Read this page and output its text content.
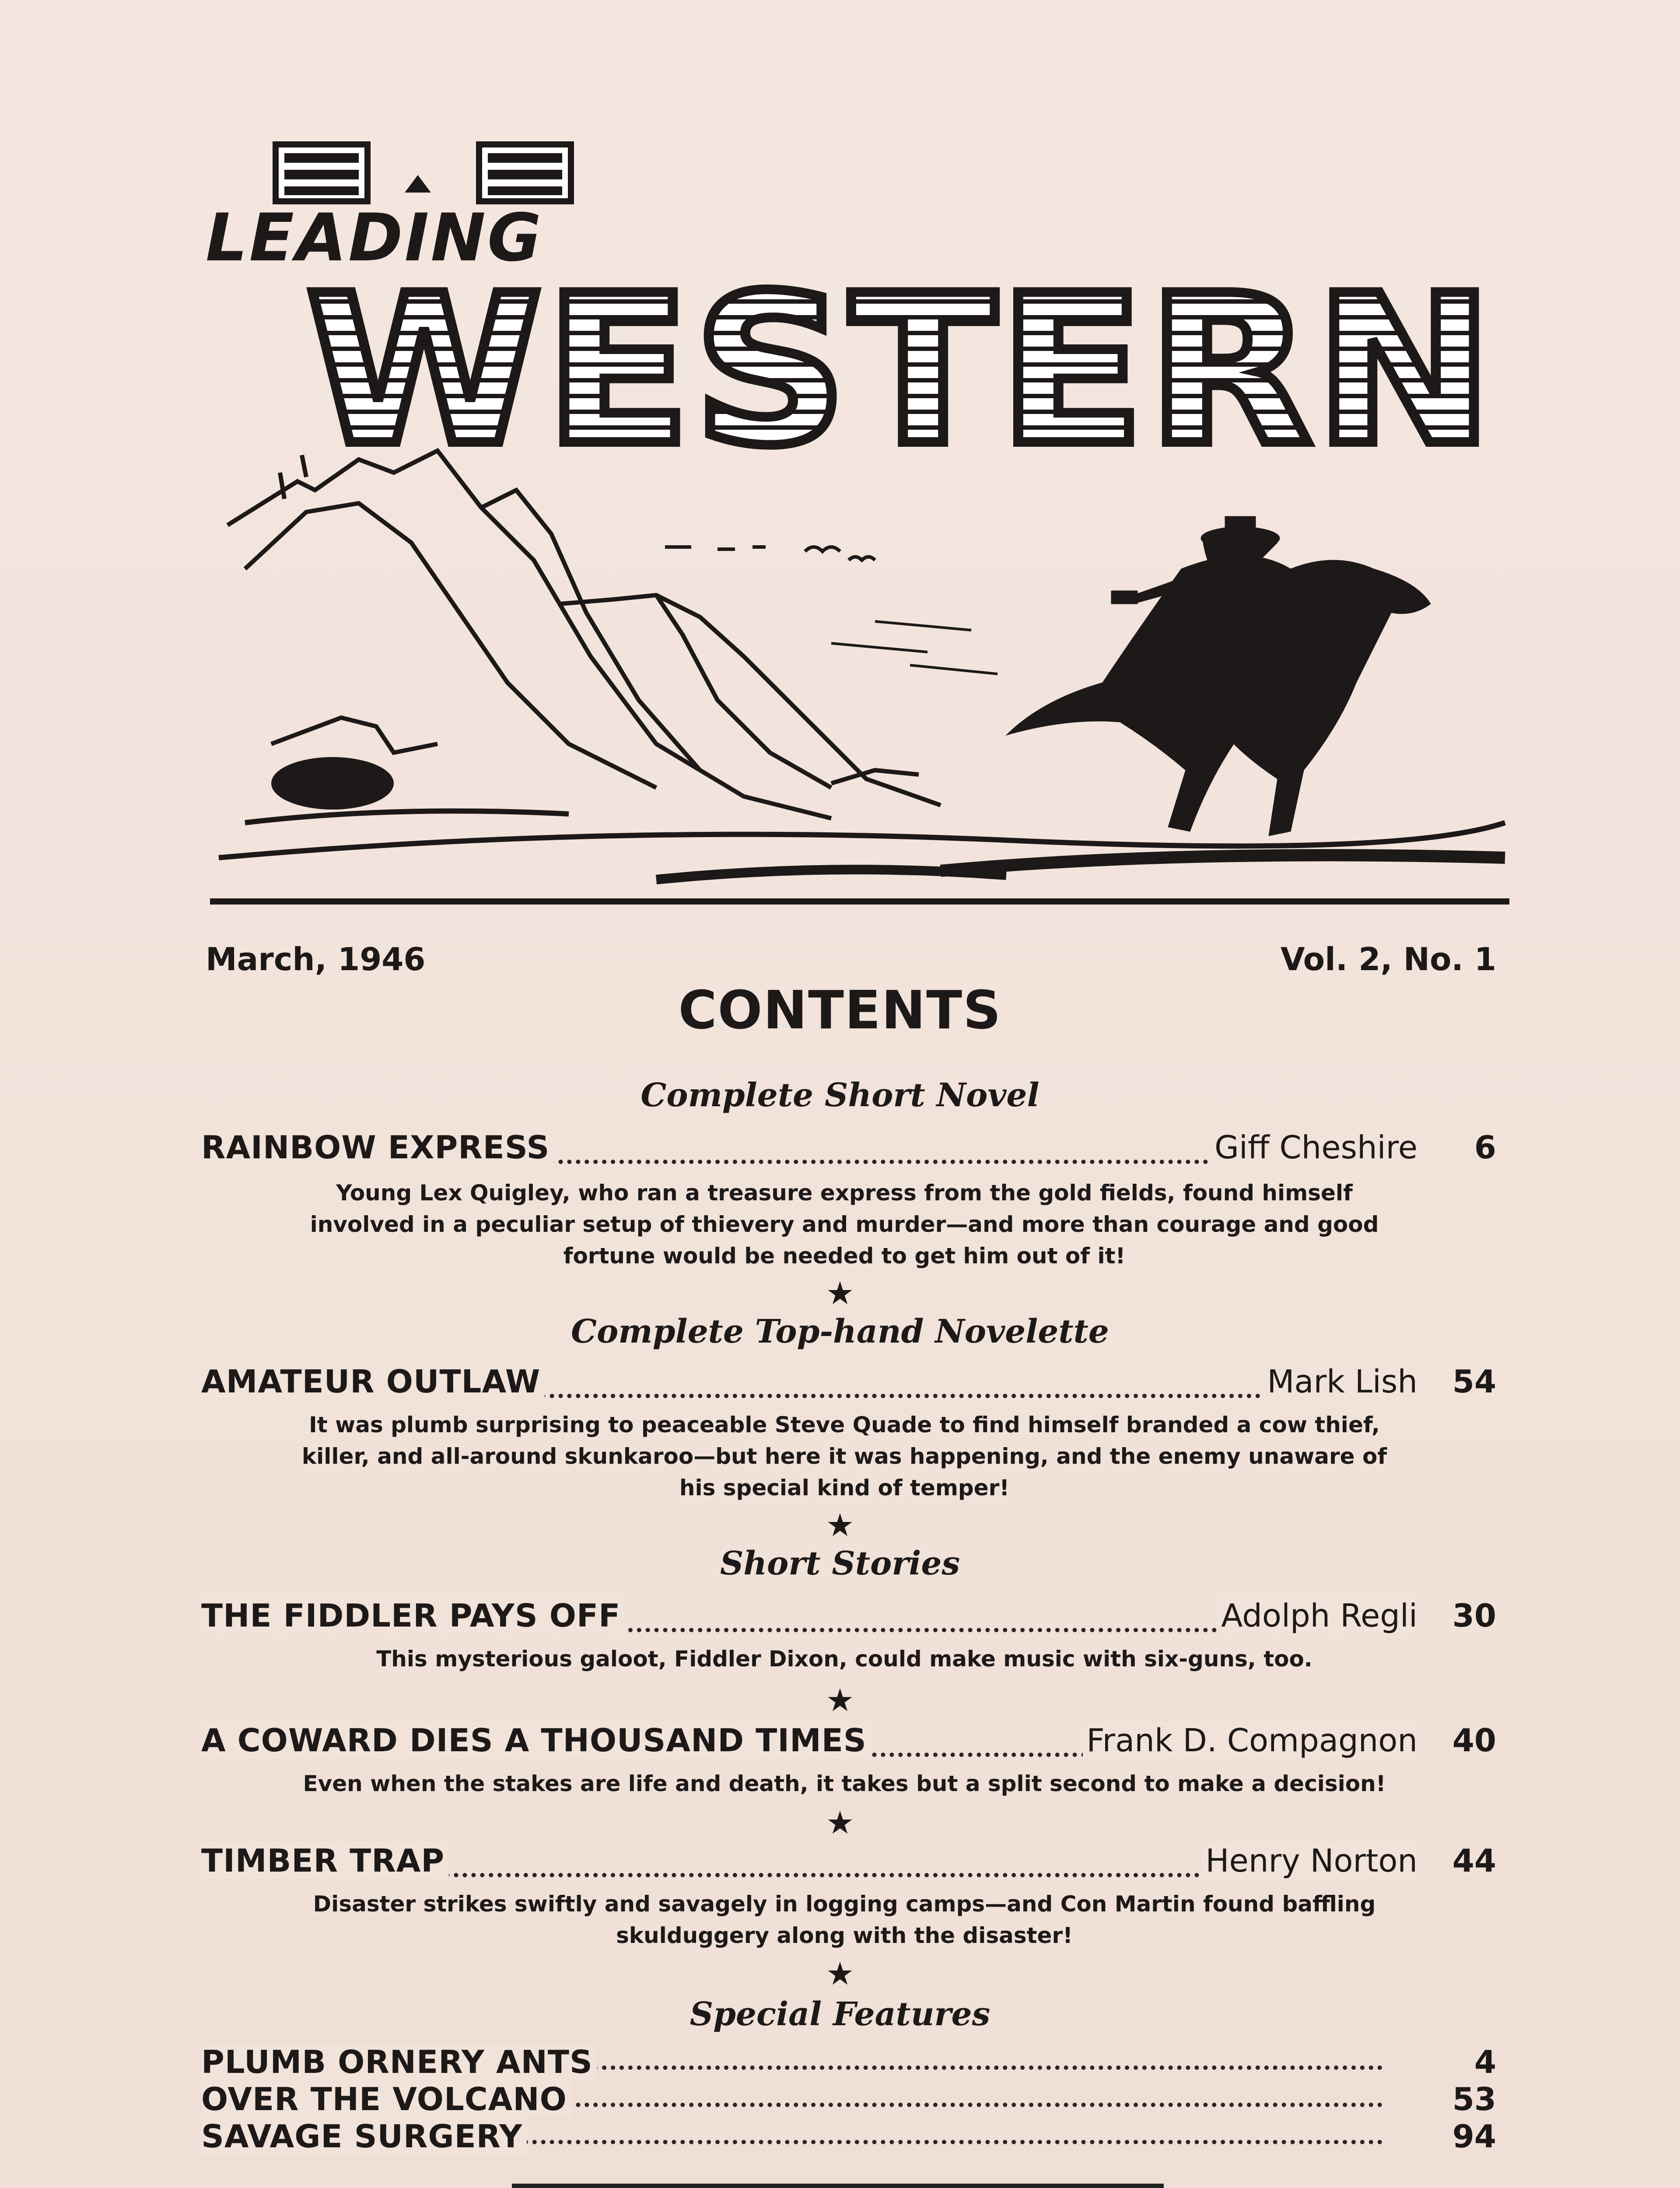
LEADING
WESTERN
March, 1946	Vol. 2, No. 1
CONTENTS
Complete Short Novel
RAINBOW EXPRESS	Giff Cheshire 6
Young Lex Quigley, who ran a treasure express from the gold fields, found himself involved in a peculiar setup of thievery and murder—and more than courage and good fortune would be needed to get him out of it!
★
Complete Top-hand Novelette
AMATEUR OUTLAW	Mark Lish 54
It was plumb surprising to peaceable Steve Quade to find himself branded a cow thief, killer, and all-around skunkaroo—but here it was happening, and the enemy unaware of his special kind of temper!
★
Short Stories
THE FIDDLER PAYS OFF	Adolph Regli 30
This mysterious galoot, Fiddler Dixon, could make music with six-guns, too.
★
A COWARD DIES A THOUSAND TIMES	Frank D. Compagnon 40
Even when the stakes are life and death, it takes but a split second to make a decision!
★
TIMBER TRAP	Henry Norton 44
Disaster strikes swiftly and savagely in logging camps—and Con Martin found baffling skulduggery along with the disaster!
★
Special Features
PLUMB ORNERY ANTS	4
OVER THE VOLCANO	53
SAVAGE SURGERY	94
